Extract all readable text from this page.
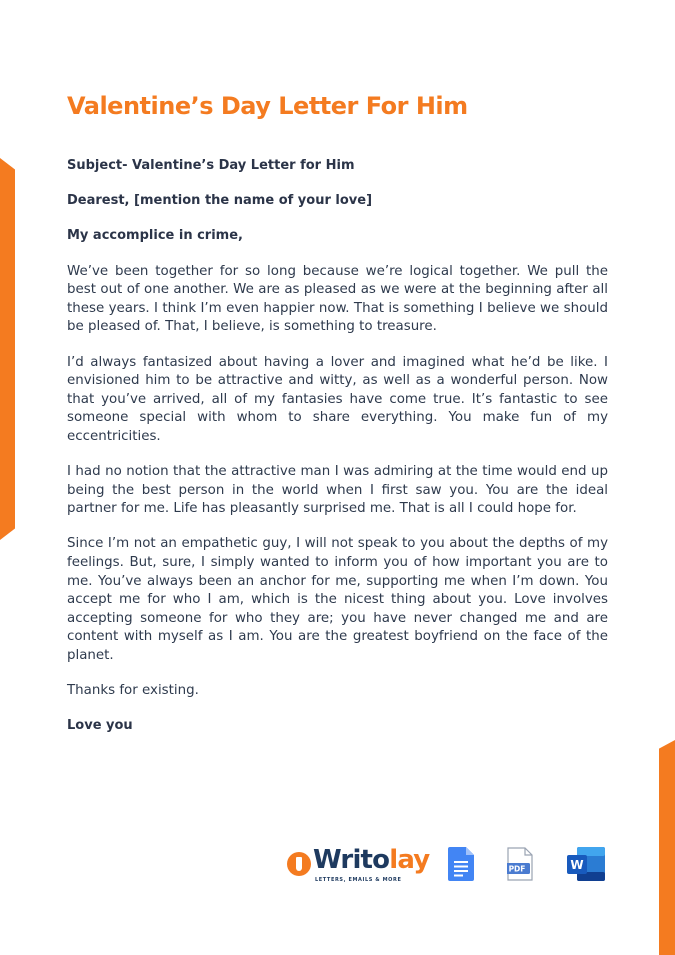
Valentine’s Day Letter For Him

Subject- Valentine’s Day Letter for Him

Dearest, [mention the name of your love]

My accomplice in crime,

We’ve been together for so long because we’re logical together. We pull the best out of one another. We are as pleased as we were at the beginning after all these years. I think I’m even happier now. That is something I believe we should be pleased of. That, I believe, is something to treasure.

I’d always fantasized about having a lover and imagined what he’d be like. I envisioned him to be attractive and witty, as well as a wonderful person. Now that you’ve arrived, all of my fantasies have come true. It’s fantastic to see someone special with whom to share everything. You make fun of my eccentricities.

I had no notion that the attractive man I was admiring at the time would end up being the best person in the world when I first saw you. You are the ideal partner for me. Life has pleasantly surprised me. That is all I could hope for.

Since I’m not an empathetic guy, I will not speak to you about the depths of my feelings. But, sure, I simply wanted to inform you of how important you are to me. You’ve always been an anchor for me, supporting me when I’m down. You accept me for who I am, which is the nicest thing about you. Love involves accepting someone for who they are; you have never changed me and are content with myself as I am. You are the greatest boyfriend on the face of the planet.

Thanks for existing.

Love you

Writolay
LETTERS, EMAILS & MORE
PDF	W
